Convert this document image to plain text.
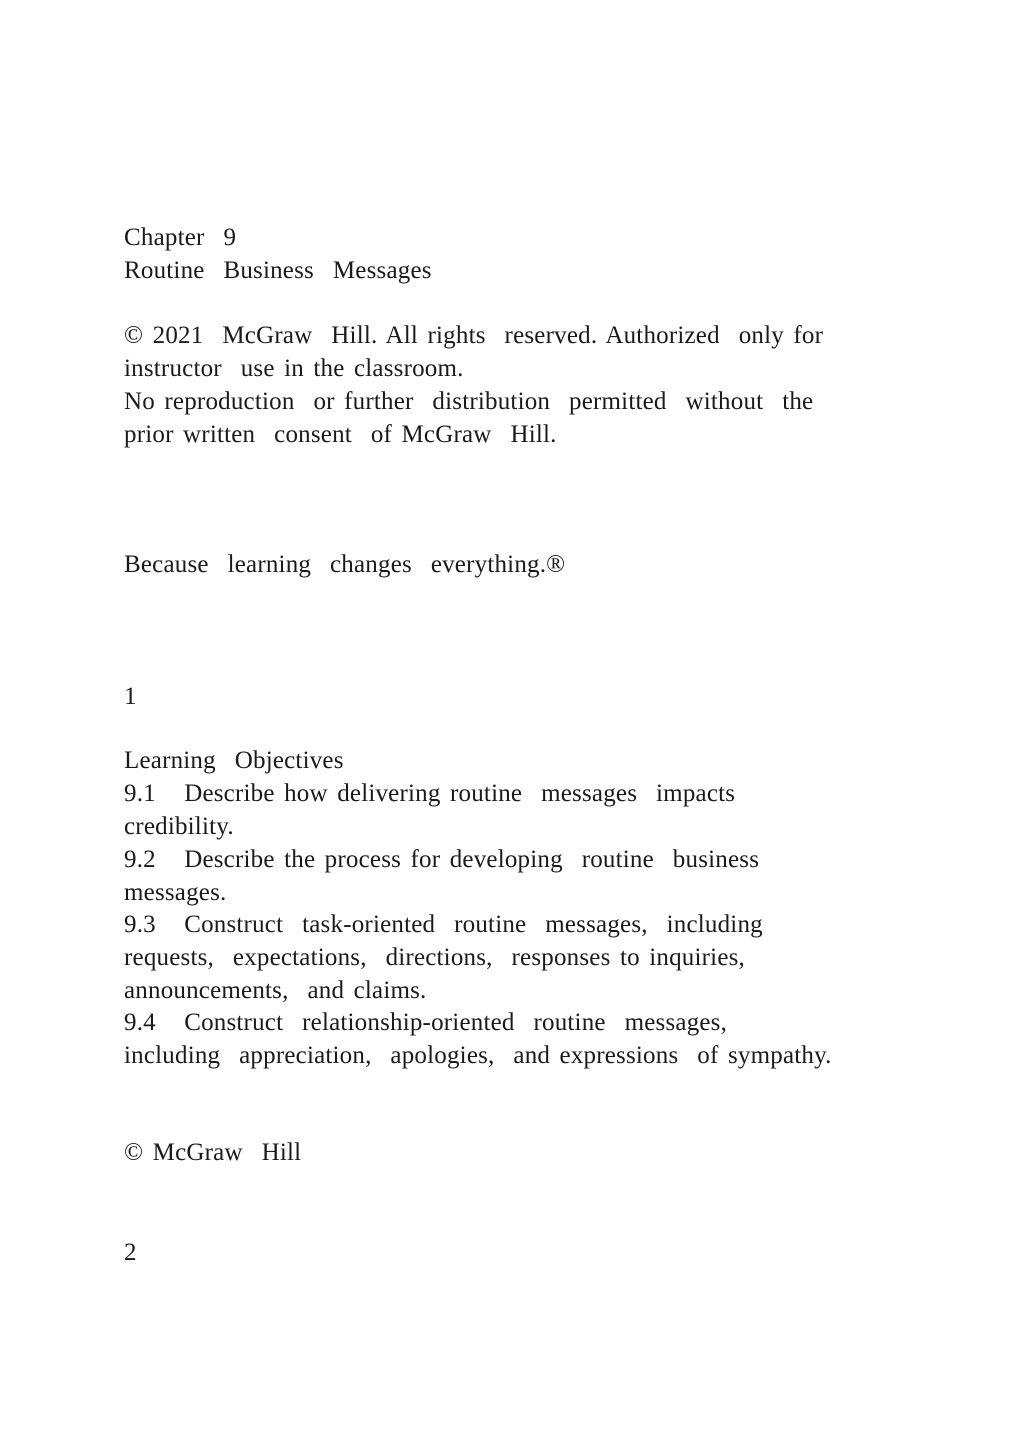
Chapter  9
Routine  Business  Messages
© 2021  McGraw  Hill. All rights  reserved. Authorized  only for
instructor  use in the classroom.
No reproduction  or further  distribution  permitted  without  the
prior written  consent  of McGraw  Hill.
Because  learning  changes  everything.®
1
Learning  Objectives
9.1   Describe how delivering routine  messages  impacts
credibility.
9.2   Describe the process for developing  routine  business
messages.
9.3   Construct  task-oriented  routine  messages,  including
requests,  expectations,  directions,  responses to inquiries,
announcements,  and claims.
9.4   Construct  relationship-oriented  routine  messages,
including  appreciation,  apologies,  and expressions  of sympathy.
© McGraw  Hill
2
